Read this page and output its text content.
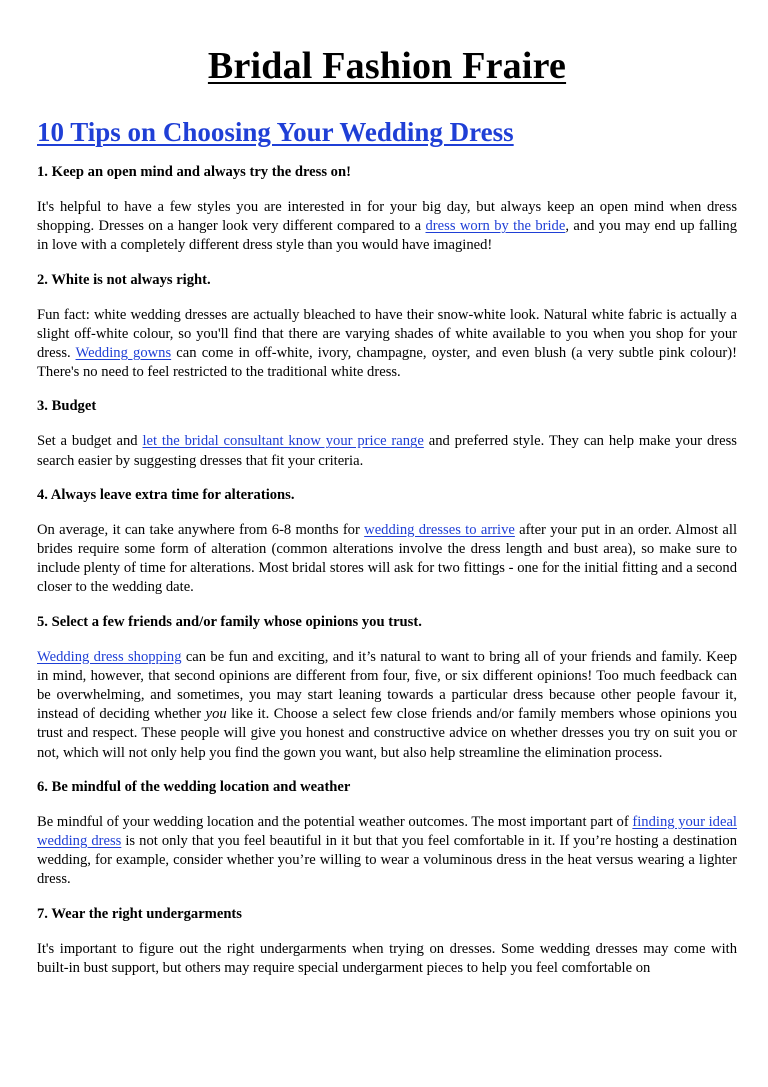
Bridal Fashion Fraire
10 Tips on Choosing Your Wedding Dress

1. Keep an open mind and always try the dress on!

It's helpful to have a few styles you are interested in for your big day, but always keep an open mind when dress shopping. Dresses on a hanger look very different compared to a dress worn by the bride, and you may end up falling in love with a completely different dress style than you would have imagined!

2. White is not always right.

Fun fact: white wedding dresses are actually bleached to have their snow-white look. Natural white fabric is actually a slight off-white colour, so you'll find that there are varying shades of white available to you when you shop for your dress. Wedding gowns can come in off-white, ivory, champagne, oyster, and even blush (a very subtle pink colour)! There's no need to feel restricted to the traditional white dress.

3. Budget

Set a budget and let the bridal consultant know your price range and preferred style. They can help make your dress search easier by suggesting dresses that fit your criteria.

4. Always leave extra time for alterations.

On average, it can take anywhere from 6-8 months for wedding dresses to arrive after your put in an order. Almost all brides require some form of alteration (common alterations involve the dress length and bust area), so make sure to include plenty of time for alterations. Most bridal stores will ask for two fittings - one for the initial fitting and a second closer to the wedding date.

5. Select a few friends and/or family whose opinions you trust.

Wedding dress shopping can be fun and exciting, and it’s natural to want to bring all of your friends and family. Keep in mind, however, that second opinions are different from four, five, or six different opinions! Too much feedback can be overwhelming, and sometimes, you may start leaning towards a particular dress because other people favour it, instead of deciding whether you like it. Choose a select few close friends and/or family members whose opinions you trust and respect. These people will give you honest and constructive advice on whether dresses you try on suit you or not, which will not only help you find the gown you want, but also help streamline the elimination process.

6. Be mindful of the wedding location and weather

Be mindful of your wedding location and the potential weather outcomes. The most important part of finding your ideal wedding dress is not only that you feel beautiful in it but that you feel comfortable in it. If you’re hosting a destination wedding, for example, consider whether you’re willing to wear a voluminous dress in the heat versus wearing a lighter dress.

7. Wear the right undergarments

It's important to figure out the right undergarments when trying on dresses. Some wedding dresses may come with built-in bust support, but others may require special undergarment pieces to help you feel comfortable on
